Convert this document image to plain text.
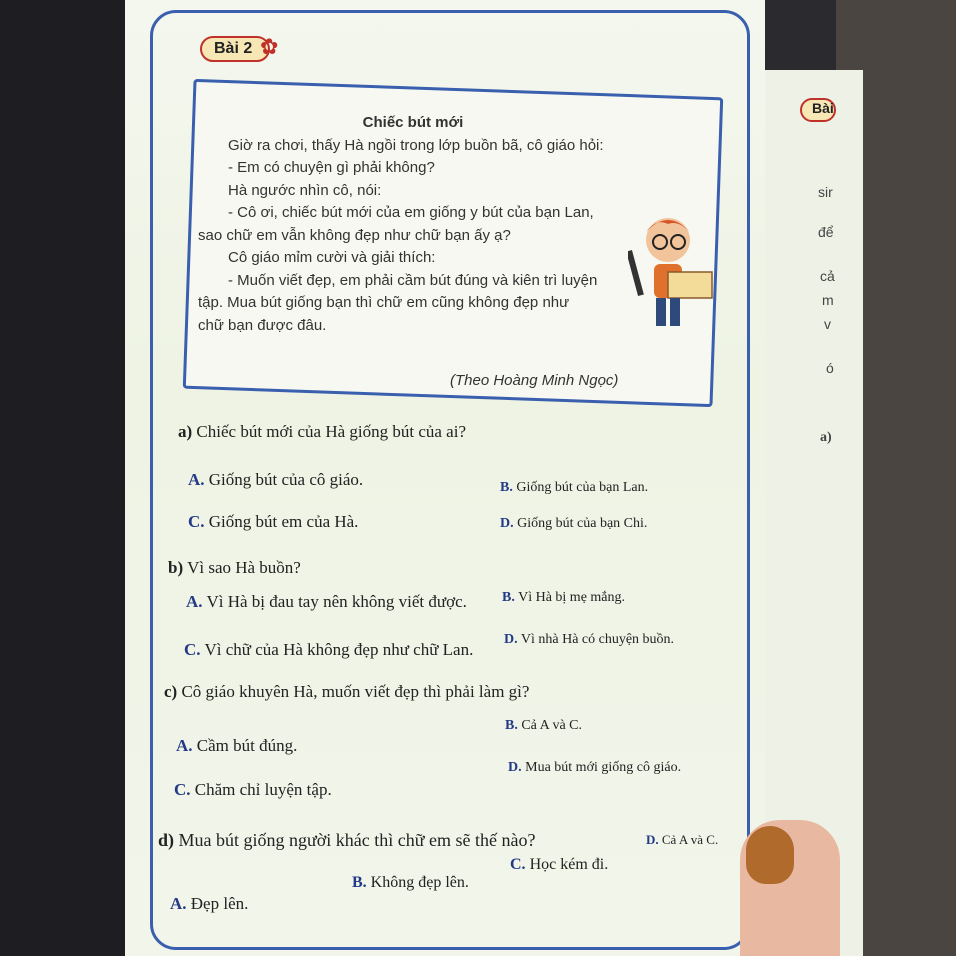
Bài 2 ✿

Chiếc bút mới

Giờ ra chơi, thấy Hà ngồi trong lớp buồn bã, cô giáo hỏi:

- Em có chuyện gì phải không?

Hà ngước nhìn cô, nói:

- Cô ơi, chiếc bút mới của em giống y bút của bạn Lan,

sao chữ em vẫn không đẹp như chữ bạn ấy ạ?

Cô giáo mỉm cười và giải thích:

- Muốn viết đẹp, em phải cầm bút đúng và kiên trì luyện

tập. Mua bút giống bạn thì chữ em cũng không đẹp như

chữ bạn được đâu.

(Theo Hoàng Minh Ngọc)
a) Chiếc bút mới của Hà giống bút của ai?
A. Giống bút của cô giáo.	B. Giống bút của bạn Lan.
C. Giống bút em của Hà.	D. Giống bút của bạn Chi.
b) Vì sao Hà buồn?
A. Vì Hà bị đau tay nên không viết được.	B. Vì Hà bị mẹ mắng.
C. Vì chữ của Hà không đẹp như chữ Lan.
D. Vì nhà Hà có chuyện buồn.
c) Cô giáo khuyên Hà, muốn viết đẹp thì phải làm gì?
A. Cầm bút đúng.
B. Cả A và C.
C. Chăm chỉ luyện tập.
D. Mua bút mới giống cô giáo.
d) Mua bút giống người khác thì chữ em sẽ thế nào?
A. Đẹp lên.
B. Không đẹp lên.
C. Học kém đi.
D. Cả A và C.
Bài
sir
để
cả
m
v
ó
a)
